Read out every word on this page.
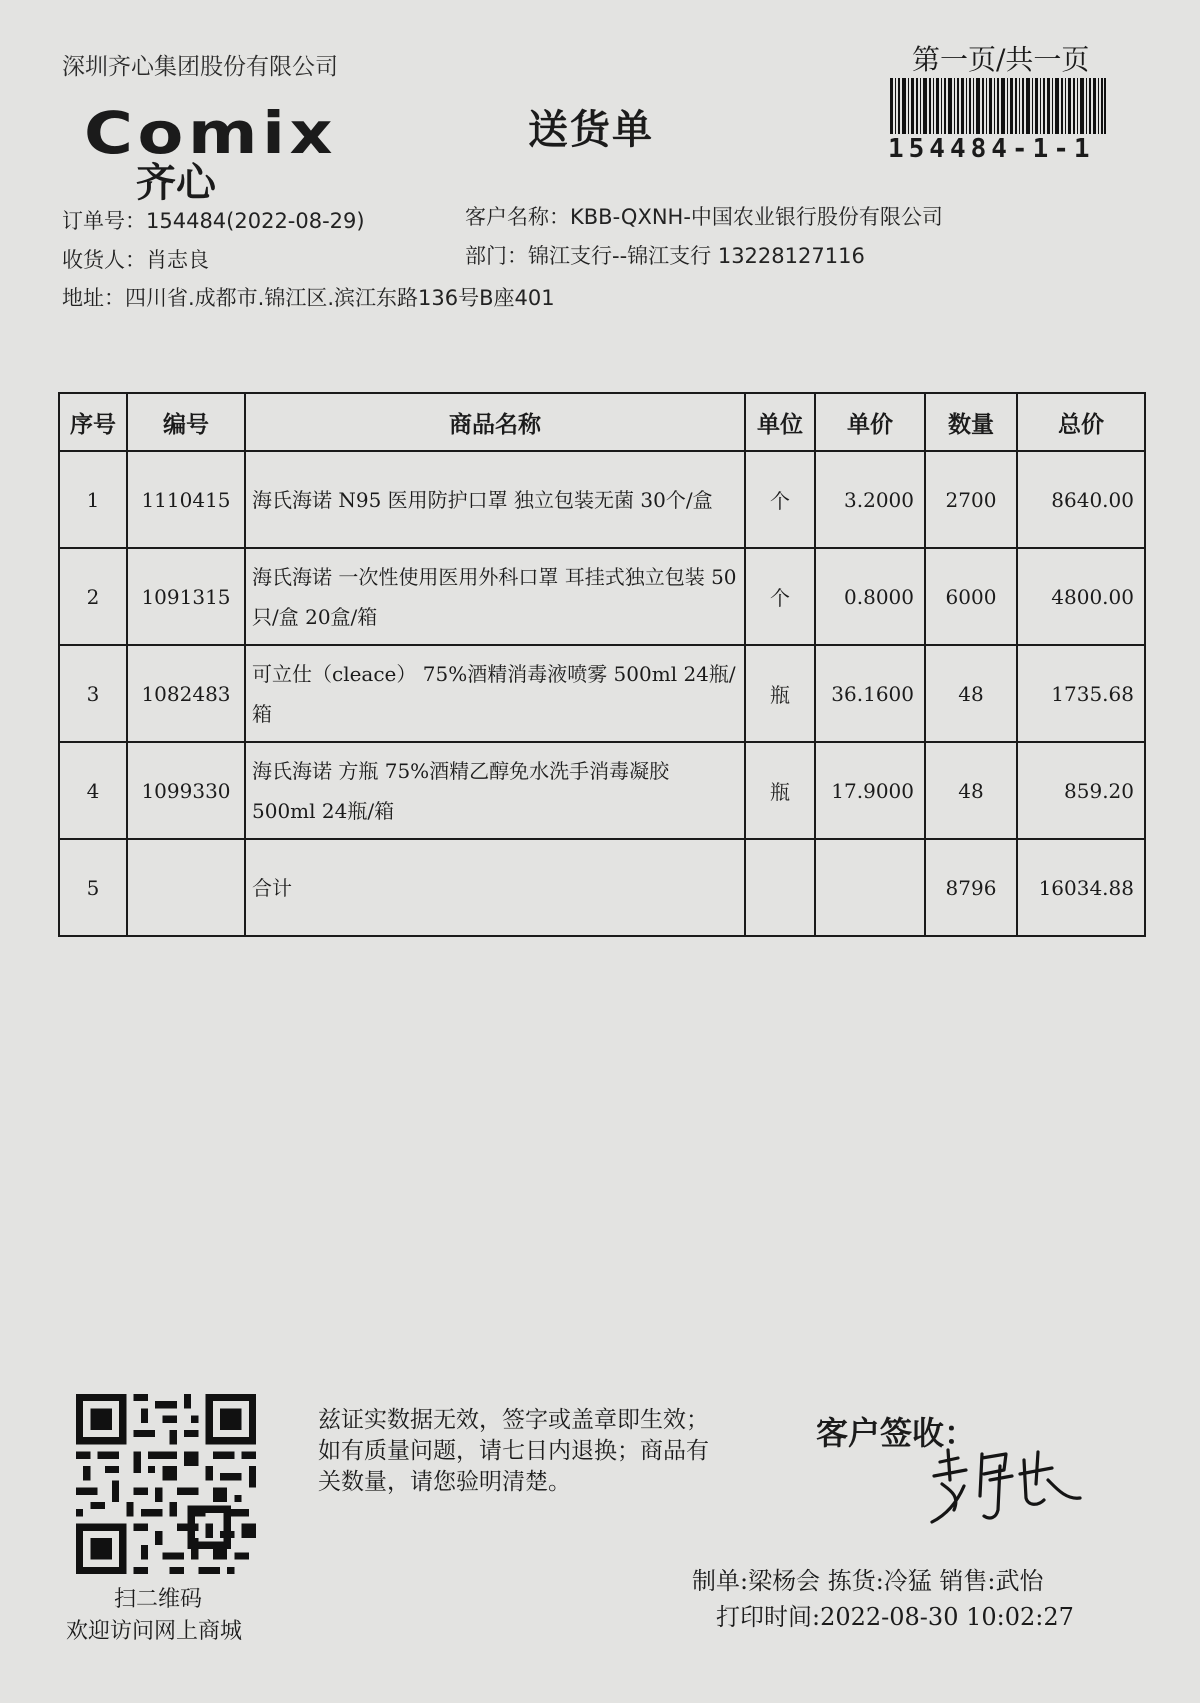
深圳齐心集团股份有限公司	第一页/共一页
154484-1-1
Comix
齐心
送货单
订单号：154484(2022-08-29)	客户名称：KBB-QXNH-中国农业银行股份有限公司
收货人：肖志良	部门：锦江支行--锦江支行 13228127116
地址：四川省.成都市.锦江区.滨江东路136号B座401
序号	编号	商品名称	单位	单价	数量	总价
1	1110415	海氏海诺 N95 医用防护口罩 独立包装无菌 30个/盒	个	3.2000	2700	8640.00
2	1091315	海氏海诺 一次性使用医用外科口罩 耳挂式独立包装 50只/盒 20盒/箱	个	0.8000	6000	4800.00
3	1082483	可立仕（cleace） 75%酒精消毒液喷雾 500ml 24瓶/箱	瓶	36.1600	48	1735.68
4	1099330	海氏海诺 方瓶 75%酒精乙醇免水洗手消毒凝胶 500ml 24瓶/箱	瓶	17.9000	48	859.20
5		合计			8796	16034.88
扫二维码
欢迎访问网上商城
兹证实数据无效，签字或盖章即生效；如有质量问题，请七日内退换；商品有关数量，请您验明清楚。
客户签收：
制单:梁杨会 拣货:冷猛 销售:武怡
打印时间:2022-08-30 10:02:27
